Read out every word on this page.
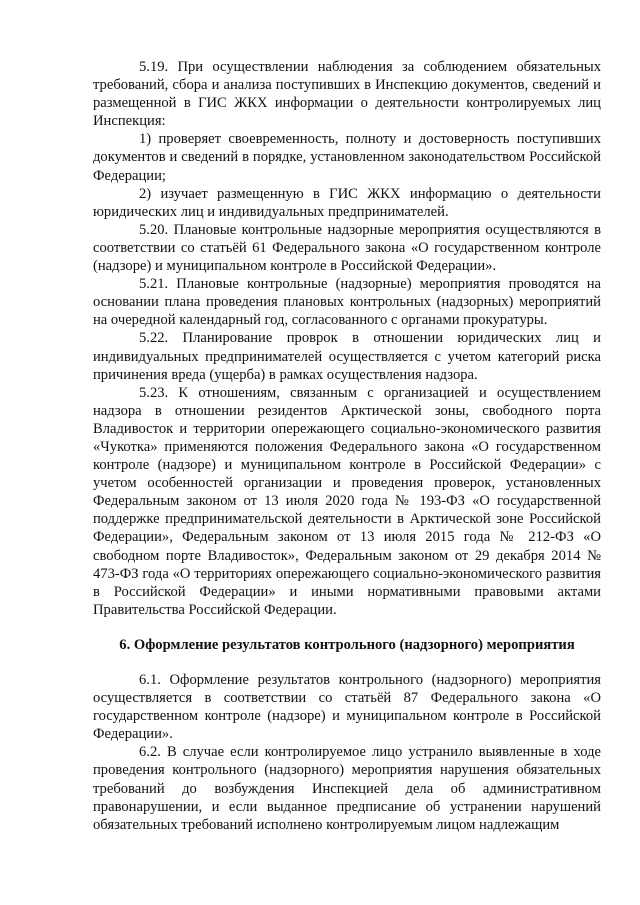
5.19. При осуществлении наблюдения за соблюдением обязательных требований, сбора и анализа поступивших в Инспекцию документов, сведений и размещенной в ГИС ЖКХ информации о деятельности контролируемых лиц Инспекция:

1) проверяет своевременность, полноту и достоверность поступивших документов и сведений в порядке, установленном законодательством Российской Федерации;

2) изучает размещенную в ГИС ЖКХ информацию о деятельности юридических лиц и индивидуальных предпринимателей.

5.20. Плановые контрольные надзорные мероприятия осуществляются в соответствии со статьёй 61 Федерального закона «О государственном контроле (надзоре) и муниципальном контроле в Российской Федерации».

5.21. Плановые контрольные (надзорные) мероприятия проводятся на основании плана проведения плановых контрольных (надзорных) мероприятий на очередной календарный год, согласованного с органами прокуратуры.

5.22. Планирование проврок в отношении юридических лиц и индивидуальных предпринимателей осуществляется с учетом категорий риска причинения вреда (ущерба) в рамках осуществления надзора.

5.23. К отношениям, связанным с организацией и осуществлением надзора в отношении резидентов Арктической зоны, свободного порта Владивосток и территории опережающего социально-экономического развития «Чукотка» применяются положения Федерального закона «О государственном контроле (надзоре) и муниципальном контроле в Российской Федерации» с учетом особенностей организации и проведения проверок, установленных Федеральным законом от 13 июля 2020 года № 193-ФЗ «О государственной поддержке предпринимательской деятельности в Арктической зоне Российской Федерации», Федеральным законом от 13 июля 2015 года № 212-ФЗ «О свободном порте Владивосток», Федеральным законом от 29 декабря 2014 № 473-ФЗ года «О территориях опережающего социально-экономического развития в Российской Федерации» и иными нормативными правовыми актами Правительства Российской Федерации.

6. Оформление результатов контрольного (надзорного) мероприятия

6.1. Оформление результатов контрольного (надзорного) мероприятия осуществляется в соответствии со статьёй 87 Федерального закона «О государственном контроле (надзоре) и муниципальном контроле в Российской Федерации».

6.2. В случае если контролируемое лицо устранило выявленные в ходе проведения контрольного (надзорного) мероприятия нарушения обязательных требований до возбуждения Инспекцией дела об административном правонарушении, и если выданное предписание об устранении нарушений обязательных требований исполнено контролируемым лицом надлежащим
